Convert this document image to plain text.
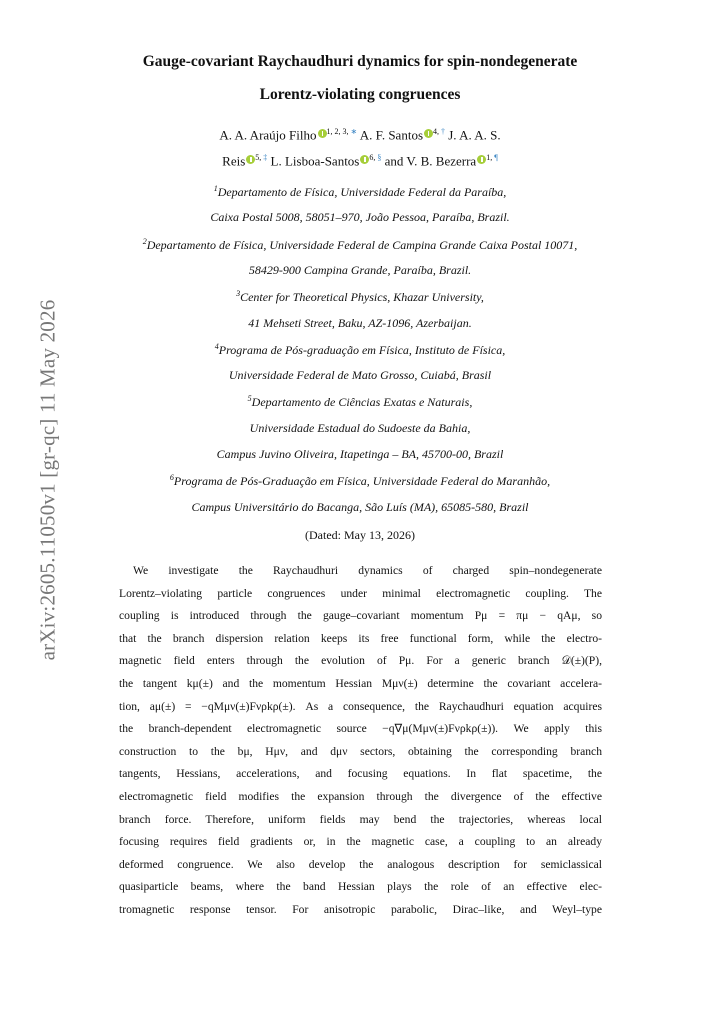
arXiv:2605.11050v1 [gr-qc] 11 May 2026
Gauge-covariant Raychaudhuri dynamics for spin-nondegenerate
Lorentz-violating congruences
A. A. Araújo Filho $^{1, 2, 3, ∗}$ A. F. Santos $^{4, \dagger}$ J. A. A. S.
Reis $^{5, \ddagger}$ L. Lisboa-Santos $^{6, \S}$ and V. B. Bezerra $^{1, \P}$
$^1$Departamento de Física, Universidade Federal da Paraíba,
Caixa Postal 5008, 58051–970, João Pessoa, Paraíba, Brazil.
$^2$Departamento de Física, Universidade Federal de Campina Grande Caixa Postal 10071,
58429-900 Campina Grande, Paraíba, Brazil.
$^3$Center for Theoretical Physics, Khazar University,
41 Mehseti Street, Baku, AZ-1096, Azerbaijan.
$^4$Programa de Pós-graduação em Física, Instituto de Física,
Universidade Federal de Mato Grosso, Cuiabá, Brasil
$^5$Departamento de Ciências Exatas e Naturais,
Universidade Estadual do Sudoeste da Bahia,
Campus Juvino Oliveira, Itapetinga – BA, 45700-00, Brazil
$^6$Programa de Pós-Graduação em Física, Universidade Federal do Maranhão,
Campus Universitário do Bacanga, São Luís (MA), 65085-580, Brazil
(Dated: May 13, 2026)
We investigate the Raychaudhuri dynamics of charged spin–nondegenerate
Lorentz–violating particle congruences under minimal electromagnetic coupling. The
coupling is introduced through the gauge–covariant momentum Pμ = πμ − qAμ, so
that the branch dispersion relation keeps its free functional form, while the electro-
magnetic field enters through the evolution of Pμ. For a generic branch 𝒟(±)(P),
the tangent kμ(±) and the momentum Hessian Mμν(±) determine the covariant accelera-
tion, aμ(±) = −qMμν(±)Fνρkρ(±). As a consequence, the Raychaudhuri equation acquires
the branch-dependent electromagnetic source −q∇μ(Mμν(±)Fνρkρ(±)). We apply this
construction to the bμ, Hμν, and dμν sectors, obtaining the corresponding branch
tangents, Hessians, accelerations, and focusing equations. In flat spacetime, the
electromagnetic field modifies the expansion through the divergence of the effective
branch force. Therefore, uniform fields may bend the trajectories, whereas local
focusing requires field gradients or, in the magnetic case, a coupling to an already
deformed congruence. We also develop the analogous description for semiclassical
quasiparticle beams, where the band Hessian plays the role of an effective elec-
tromagnetic response tensor. For anisotropic parabolic, Dirac–like, and Weyl–type
